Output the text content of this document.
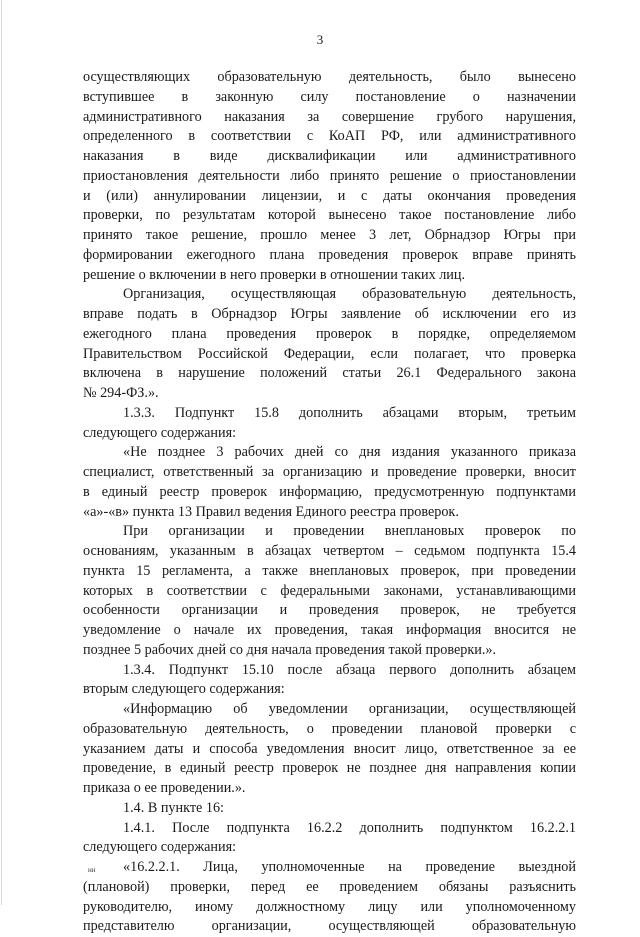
3

осуществляющих образовательную деятельность, было вынесено

вступившее в законную силу постановление о назначении

административного наказания за совершение грубого нарушения,

определенного в соответствии с КоАП РФ, или административного

наказания в виде дисквалификации или административного

приостановления деятельности либо принято решение о приостановлении

и (или) аннулировании лицензии, и с даты окончания проведения

проверки, по результатам которой вынесено такое постановление либо

принято такое решение, прошло менее 3 лет, Обрнадзор Югры при

формировании ежегодного плана проведения проверок вправе принять

решение о включении в него проверки в отношении таких лиц.

Организация, осуществляющая образовательную деятельность,

вправе подать в Обрнадзор Югры заявление об исключении его из

ежегодного плана проведения проверок в порядке, определяемом

Правительством Российской Федерации, если полагает, что проверка

включена в нарушение положений статьи 26.1 Федерального закона

№ 294-ФЗ.».

1.3.3. Подпункт 15.8 дополнить абзацами вторым, третьим

следующего содержания:

«Не позднее 3 рабочих дней со дня издания указанного приказа

специалист, ответственный за организацию и проведение проверки, вносит

в единый реестр проверок информацию, предусмотренную подпунктами

«а»-«в» пункта 13 Правил ведения Единого реестра проверок.

При организации и проведении внеплановых проверок по

основаниям, указанным в абзацах четвертом – седьмом подпункта 15.4

пункта 15 регламента, а также внеплановых проверок, при проведении

которых в соответствии с федеральными законами, устанавливающими

особенности организации и проведения проверок, не требуется

уведомление о начале их проведения, такая информация вносится не

позднее 5 рабочих дней со дня начала проведения такой проверки.».

1.3.4. Подпункт 15.10 после абзаца первого дополнить абзацем

вторым следующего содержания:

«Информацию об уведомлении организации, осуществляющей

образовательную деятельность, о проведении плановой проверки с

указанием даты и способа уведомления вносит лицо, ответственное за ее

проведение, в единый реестр проверок не позднее дня направления копии

приказа о ее проведении.».

1.4. В пункте 16:

1.4.1. После подпункта 16.2.2 дополнить подпунктом 16.2.2.1

следующего содержания:

«16.2.2.1. Лица, уполномоченные на проведение выездной

(плановой) проверки, перед ее проведением обязаны разъяснить

руководителю, иному должностному лицу или уполномоченному

представителю организации, осуществляющей образовательную

нн
